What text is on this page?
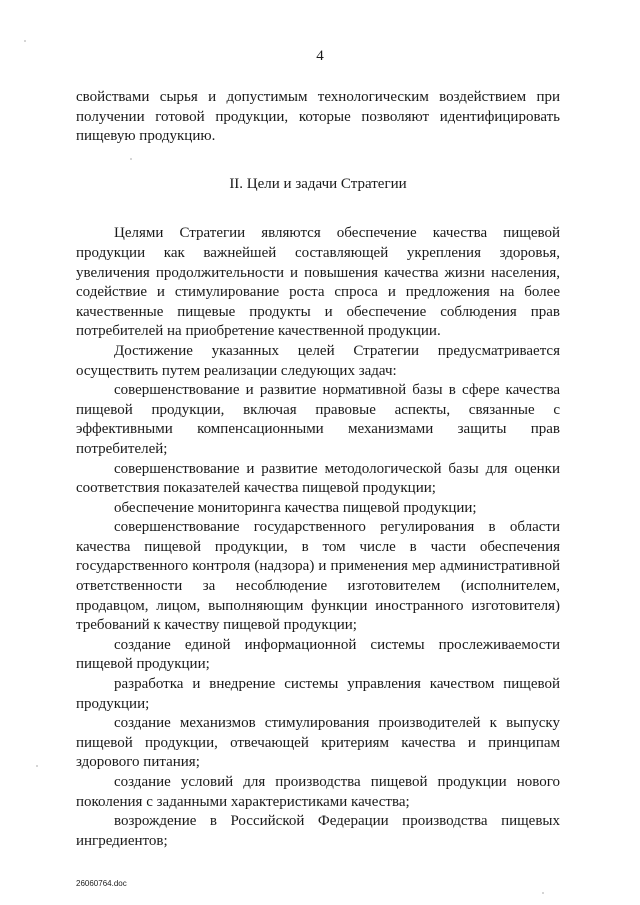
4

свойствами сырья и допустимым технологическим воздействием при получении готовой продукции, которые позволяют идентифицировать пищевую продукцию.

II. Цели и задачи Стратегии

Целями Стратегии являются обеспечение качества пищевой продукции как важнейшей составляющей укрепления здоровья, увеличения продолжительности и повышения качества жизни населения, содействие и стимулирование роста спроса и предложения на более качественные пищевые продукты и обеспечение соблюдения прав потребителей на приобретение качественной продукции.

Достижение указанных целей Стратегии предусматривается осуществить путем реализации следующих задач:

совершенствование и развитие нормативной базы в сфере качества пищевой продукции, включая правовые аспекты, связанные с эффективными компенсационными механизмами защиты прав потребителей;

совершенствование и развитие методологической базы для оценки соответствия показателей качества пищевой продукции;

обеспечение мониторинга качества пищевой продукции;

совершенствование государственного регулирования в области качества пищевой продукции, в том числе в части обеспечения государственного контроля (надзора) и применения мер административной ответственности за несоблюдение изготовителем (исполнителем, продавцом, лицом, выполняющим функции иностранного изготовителя) требований к качеству пищевой продукции;

создание единой информационной системы прослеживаемости пищевой продукции;

разработка и внедрение системы управления качеством пищевой продукции;

создание механизмов стимулирования производителей к выпуску пищевой продукции, отвечающей критериям качества и принципам здорового питания;

создание условий для производства пищевой продукции нового поколения с заданными характеристиками качества;

возрождение в Российской Федерации производства пищевых ингредиентов;

26060764.doc
